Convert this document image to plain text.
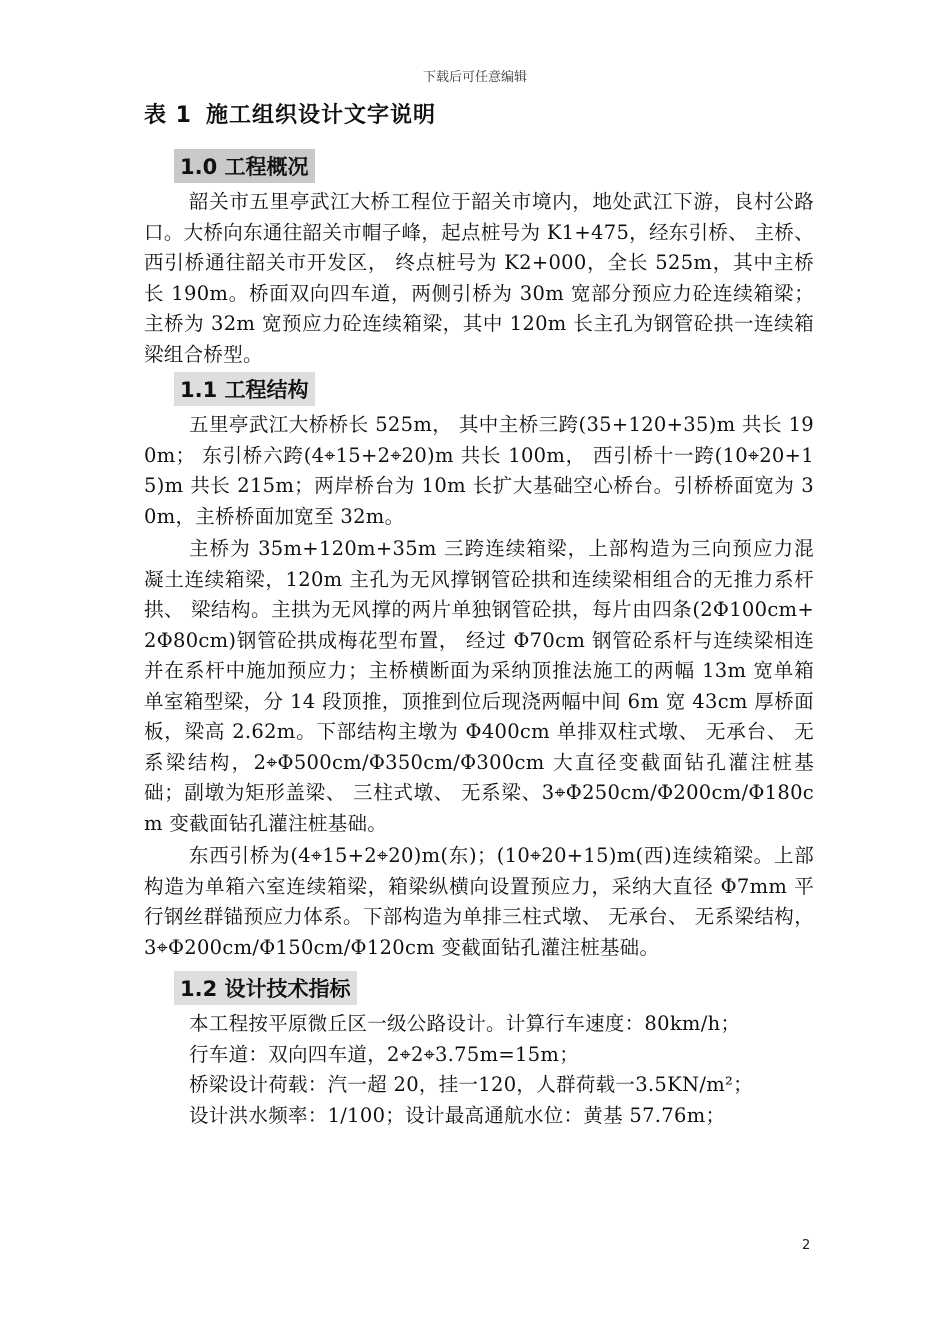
下载后可任意编辑
表 1 施工组织设计文字说明
1.0 工程概况

韶关市五里亭武江大桥工程位于韶关市境内，地处武江下游，良村公路口。大桥向东通往韶关市帽子峰，起点桩号为 K1+475，经东引桥、 主桥、 西引桥通往韶关市开发区， 终点桩号为 K2+000，全长 525m，其中主桥长 190m。桥面双向四车道，两侧引桥为 30m 宽部分预应力砼连续箱梁；主桥为 32m 宽预应力砼连续箱梁，其中 120m 长主孔为钢管砼拱一连续箱梁组合桥型。

1.1 工程结构

五里亭武江大桥桥长 525m， 其中主桥三跨(35+120+35)m 共长 190m； 东引桥六跨(4⌖15+2⌖20)m 共长 100m， 西引桥十一跨(10⌖20+15)m 共长 215m；两岸桥台为 10m 长扩大基础空心桥台。引桥桥面宽为 30m，主桥桥面加宽至 32m。

主桥为 35m+120m+35m 三跨连续箱梁，上部构造为三向预应力混凝土连续箱梁，120m 主孔为无风撑钢管砼拱和连续梁相组合的无推力系杆拱、 梁结构。主拱为无风撑的两片单独钢管砼拱，每片由四条(2Φ100cm+2Φ80cm)钢管砼拱成梅花型布置， 经过 Φ70cm 钢管砼系杆与连续梁相连并在系杆中施加预应力；主桥横断面为采纳顶推法施工的两幅 13m 宽单箱单室箱型梁，分 14 段顶推，顶推到位后现浇两幅中间 6m 宽 43cm 厚桥面板，梁高 2.62m。下部结构主墩为 Φ400cm 单排双柱式墩、 无承台、 无系梁结构，2⌖Φ500cm/Φ350cm/Φ300cm 大直径变截面钻孔灌注桩基础；副墩为矩形盖梁、 三柱式墩、 无系梁、3⌖Φ250cm/Φ200cm/Φ180cm 变截面钻孔灌注桩基础。

东西引桥为(4⌖15+2⌖20)m(东)；(10⌖20+15)m(西)连续箱梁。上部构造为单箱六室连续箱梁，箱梁纵横向设置预应力，采纳大直径 Φ7mm 平行钢丝群锚预应力体系。下部构造为单排三柱式墩、 无承台、 无系梁结构，3⌖Φ200cm/Φ150cm/Φ120cm 变截面钻孔灌注桩基础。

1.2 设计技术指标
本工程按平原微丘区一级公路设计。计算行车速度：80km/h；
行车道：双向四车道，2⌖2⌖3.75m=15m；
桥梁设计荷载：汽一超 20，挂一120，人群荷载一3.5KN/m²；
设计洪水频率：1/100；设计最高通航水位：黄基 57.76m；
2
